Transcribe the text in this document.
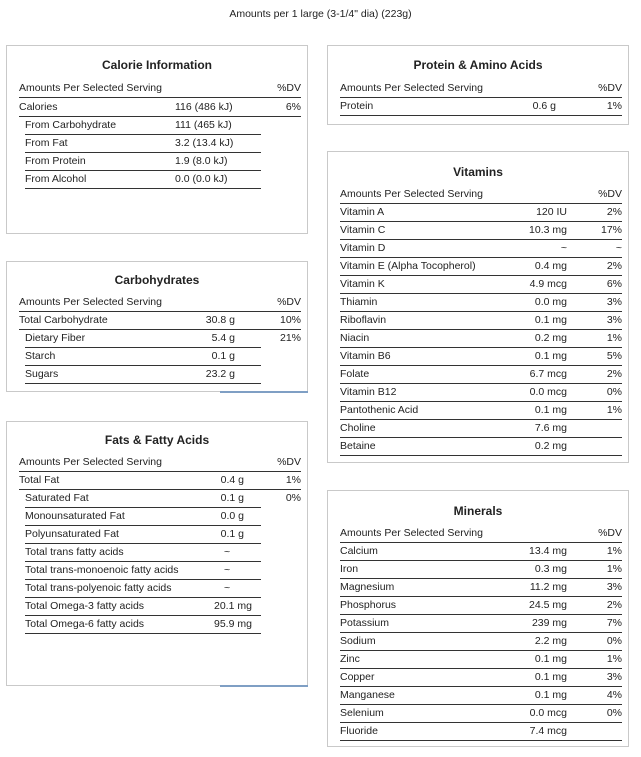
Amounts per 1 large (3-1/4" dia) (223g)
Calorie Information
Amounts Per Selected Serving	%DV
Calories	116 (486 kJ)	6%
From Carbohydrate	111 (465 kJ)
From Fat	3.2 (13.4 kJ)
From Protein	1.9 (8.0 kJ)
From Alcohol	0.0 (0.0 kJ)
Carbohydrates
Amounts Per Selected Serving	%DV
Total Carbohydrate	30.8 g	10%
Dietary Fiber	5.4 g	21%
Starch	0.1 g
Sugars	23.2 g
Fats & Fatty Acids
Amounts Per Selected Serving	%DV
Total Fat	0.4 g	1%
Saturated Fat	0.1 g	0%
Monounsaturated Fat	0.0 g
Polyunsaturated Fat	0.1 g
Total trans fatty acids	~
Total trans-monoenoic fatty acids	~
Total trans-polyenoic fatty acids	~
Total Omega-3 fatty acids	20.1 mg
Total Omega-6 fatty acids	95.9 mg
Protein & Amino Acids
Amounts Per Selected Serving	%DV
Protein	0.6 g	1%
Vitamins
Amounts Per Selected Serving	%DV
Vitamin A	120 IU	2%
Vitamin C	10.3 mg	17%
Vitamin D	~	~
Vitamin E (Alpha Tocopherol)	0.4 mg	2%
Vitamin K	4.9 mcg	6%
Thiamin	0.0 mg	3%
Riboflavin	0.1 mg	3%
Niacin	0.2 mg	1%
Vitamin B6	0.1 mg	5%
Folate	6.7 mcg	2%
Vitamin B12	0.0 mcg	0%
Pantothenic Acid	0.1 mg	1%
Choline	7.6 mg
Betaine	0.2 mg
Minerals
Amounts Per Selected Serving	%DV
Calcium	13.4 mg	1%
Iron	0.3 mg	1%
Magnesium	11.2 mg	3%
Phosphorus	24.5 mg	2%
Potassium	239 mg	7%
Sodium	2.2 mg	0%
Zinc	0.1 mg	1%
Copper	0.1 mg	3%
Manganese	0.1 mg	4%
Selenium	0.0 mcg	0%
Fluoride	7.4 mcg
